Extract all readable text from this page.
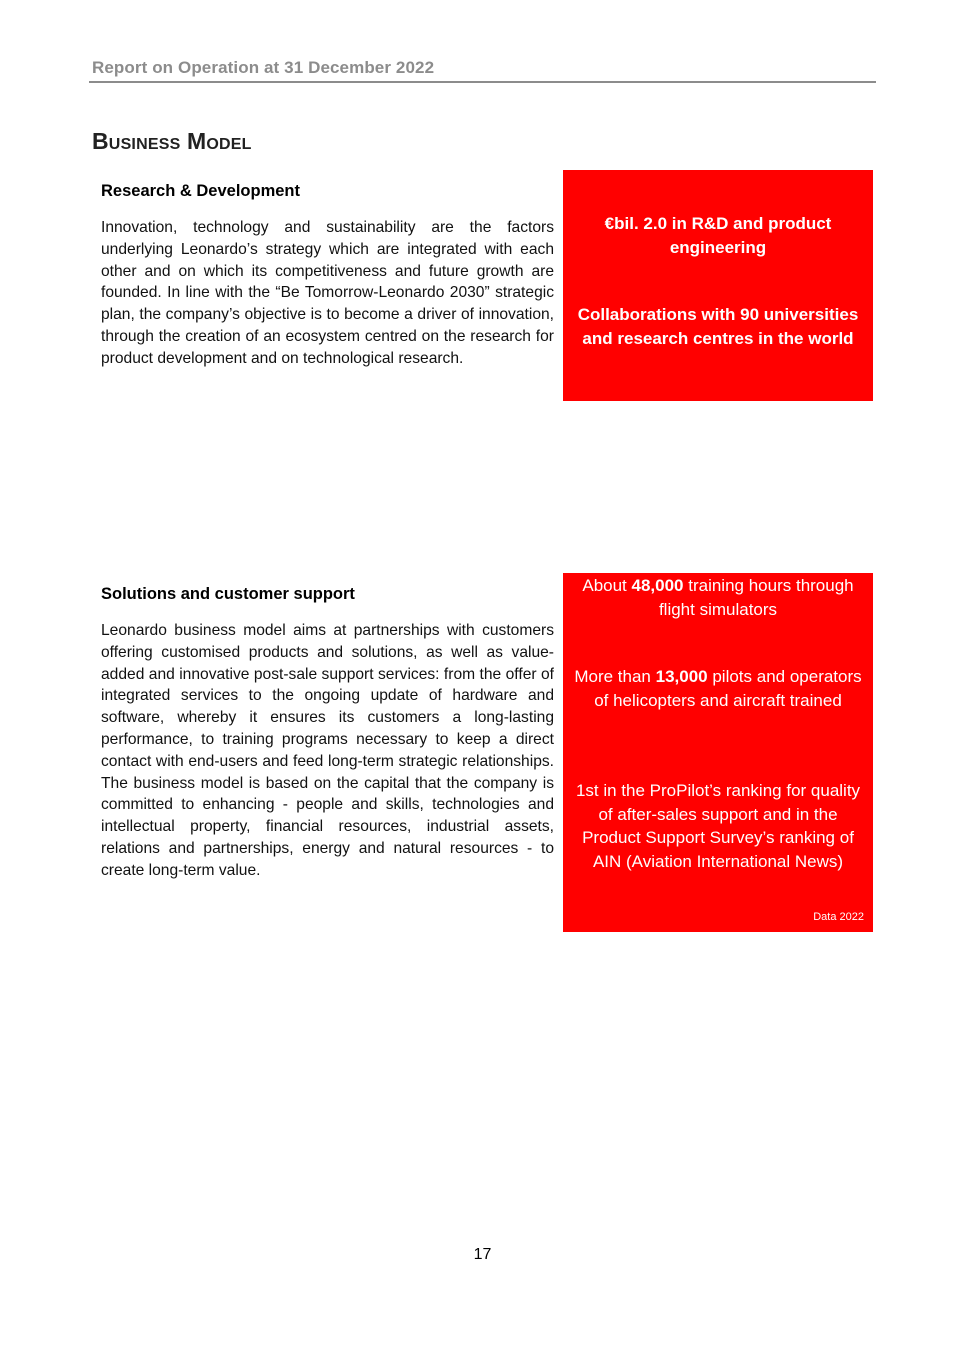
Report on Operation at 31 December 2022
Business Model
Research & Development
Innovation, technology and sustainability are the factors underlying Leonardo’s strategy which are integrated with each other and on which its competitiveness and future growth are founded. In line with the “Be Tomorrow-Leonardo 2030” strategic plan, the company’s objective is to become a driver of innovation, through the creation of an ecosystem centred on the research for product development and on technological research.
€bil. 2.0 in R&D and product engineering
Collaborations with 90 universities and research centres in the world
Solutions and customer support
Leonardo business model aims at partnerships with customers offering customised products and solutions, as well as value-added and innovative post-sale support services: from the offer of integrated services to the ongoing update of hardware and software, whereby it ensures its customers a long-lasting performance, to training programs necessary to keep a direct contact with end-users and feed long-term strategic relationships. The business model is based on the capital that the company is committed to enhancing - people and skills, technologies and intellectual property, financial resources, industrial assets, relations and partnerships, energy and natural resources - to create long-term value.
About 48,000 training hours through flight simulators
More than 13,000 pilots and operators of helicopters and aircraft trained
1st in the ProPilot’s ranking for quality of after-sales support and in the Product Support Survey’s ranking of AIN (Aviation International News)
Data 2022
17
